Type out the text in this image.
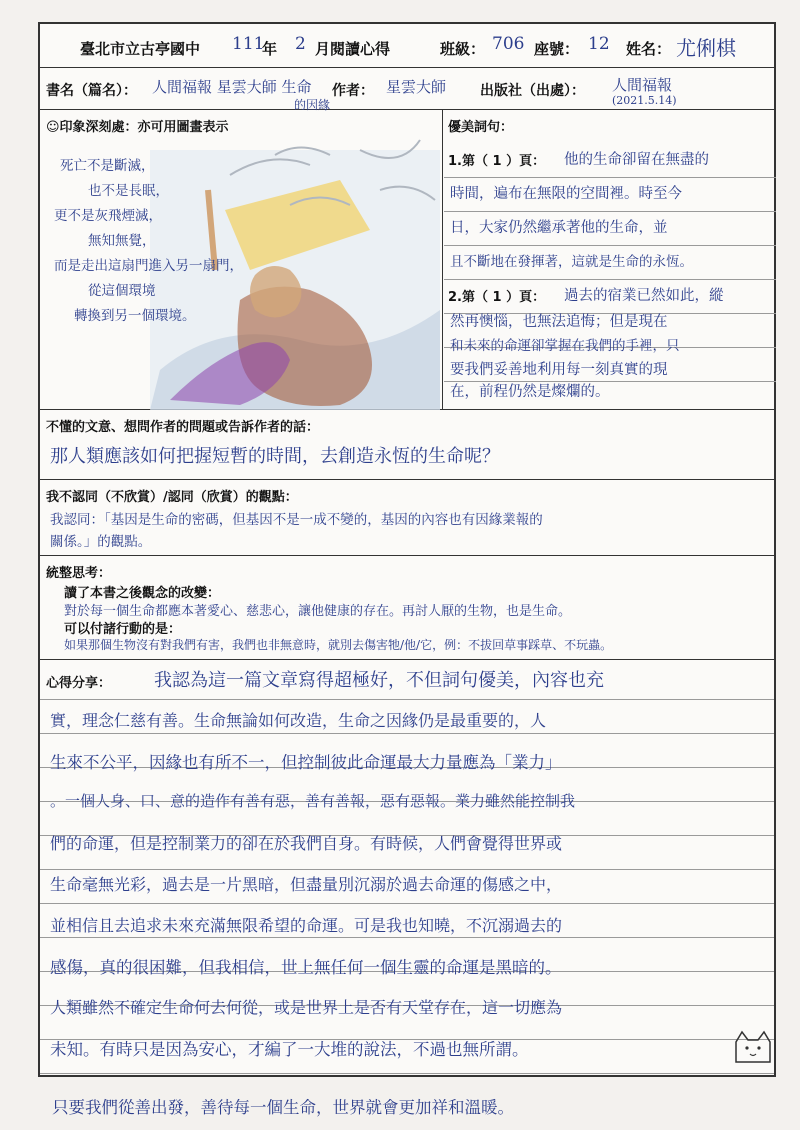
臺北市立古亭國中 111
年 2 月閱讀心得	班級： 706 座號： 12 姓名： 尤俐棋
書名（篇名）： 人間福報 星雲大師 生命
的因緣
作者： 星雲大師 出版社（出處）： 人間福報
(2021.5.14)
☺印象深刻處：亦可用圖畫表示
死亡不是斷滅，
也不是長眠，
更不是灰飛煙滅，
無知無覺，
而是走出這扇門進入另一扇門，
從這個環境
轉換到另一個環境。
優美詞句：
1.第（ 1 ）頁： 他的生命卻留在無盡的
時間，遍布在無限的空間裡。時至今
日，大家仍然繼承著他的生命，並
且不斷地在發揮著，這就是生命的永恆。
2.第（ 1 ）頁： 過去的宿業已然如此，縱
然再懊惱，也無法追悔；但是現在
和未來的命運卻掌握在我們的手裡，只
要我們妥善地利用每一刻真實的現
在，前程仍然是燦爛的。
不懂的文意、想問作者的問題或告訴作者的話：
那人類應該如何把握短暫的時間，去創造永恆的生命呢？
我不認同（不欣賞）/認同（欣賞）的觀點：
我認同：「基因是生命的密碼，但基因不是一成不變的，基因的內容也有因緣業報的
關係。」的觀點。
統整思考：
讀了本書之後觀念的改變：
對於每一個生命都應本著愛心、慈悲心，讓他健康的存在。再討人厭的生物，也是生命。
可以付諸行動的是：
如果那個生物沒有對我們有害，我們也非無意時，就別去傷害牠/他/它，例：不拔回草事踩草、不玩蟲。
心得分享： 我認為這一篇文章寫得超極好，不但詞句優美，內容也充
實，理念仁慈有善。生命無論如何改造，生命之因緣仍是最重要的，人
生來不公平，因緣也有所不一，但控制彼此命運最大力量應為「業力」
。一個人身、口、意的造作有善有惡，善有善報，惡有惡報。業力雖然能控制我
們的命運，但是控制業力的卻在於我們自身。有時候，人們會覺得世界或
生命毫無光彩，過去是一片黑暗，但盡量別沉溺於過去命運的傷感之中，
並相信且去追求未來充滿無限希望的命運。可是我也知曉，不沉溺過去的
感傷，真的很困難，但我相信，世上無任何一個生靈的命運是黑暗的。
人類雖然不確定生命何去何從，或是世界上是否有天堂存在，這一切應為
未知。有時只是因為安心，才編了一大堆的說法，不過也無所謂。
只要我們從善出發，善待每一個生命，世界就會更加祥和溫暖。
